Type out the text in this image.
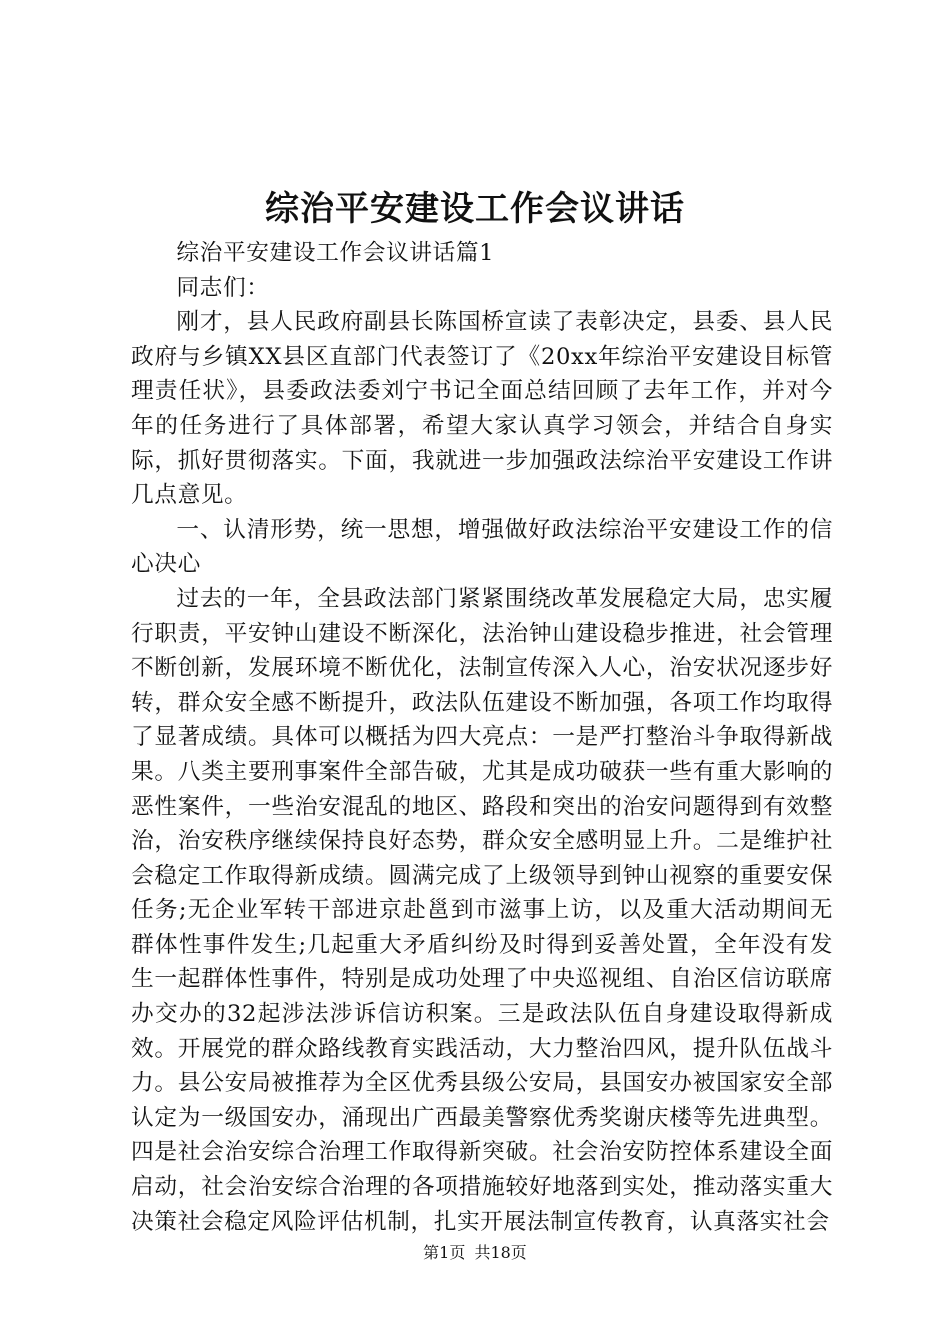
综治平安建设工作会议讲话

综治平安建设工作会议讲话篇1

同志们：

刚才，县人民政府副县长陈国桥宣读了表彰决定，县委、县人民政府与乡镇XX县区直部门代表签订了《20xx年综治平安建设目标管理责任状》，县委政法委刘宁书记全面总结回顾了去年工作，并对今年的任务进行了具体部署，希望大家认真学习领会，并结合自身实际，抓好贯彻落实。下面，我就进一步加强政法综治平安建设工作讲几点意见。

一、认清形势，统一思想，增强做好政法综治平安建设工作的信心决心

过去的一年，全县政法部门紧紧围绕改革发展稳定大局，忠实履行职责，平安钟山建设不断深化，法治钟山建设稳步推进，社会管理不断创新，发展环境不断优化，法制宣传深入人心，治安状况逐步好转，群众安全感不断提升，政法队伍建设不断加强，各项工作均取得了显著成绩。具体可以概括为四大亮点：一是严打整治斗争取得新战果。八类主要刑事案件全部告破，尤其是成功破获一些有重大影响的恶性案件，一些治安混乱的地区、路段和突出的治安问题得到有效整治，治安秩序继续保持良好态势，群众安全感明显上升。二是维护社会稳定工作取得新成绩。圆满完成了上级领导到钟山视察的重要安保任务;无企业军转干部进京赴邕到市滋事上访，以及重大活动期间无群体性事件发生;几起重大矛盾纠纷及时得到妥善处置，全年没有发生一起群体性事件，特别是成功处理了中央巡视组、自治区信访联席办交办的32起涉法涉诉信访积案。三是政法队伍自身建设取得新成效。开展党的群众路线教育实践活动，大力整治四风，提升队伍战斗力。县公安局被推荐为全区优秀县级公安局，县国安办被国家安全部认定为一级国安办，涌现出广西最美警察优秀奖谢庆楼等先进典型。四是社会治安综合治理工作取得新突破。社会治安防控体系建设全面启动，社会治安综合治理的各项措施较好地落到实处，推动落实重大决策社会稳定风险评估机制，扎实开展法制宣传教育，认真落实社会

第1页 共18页
